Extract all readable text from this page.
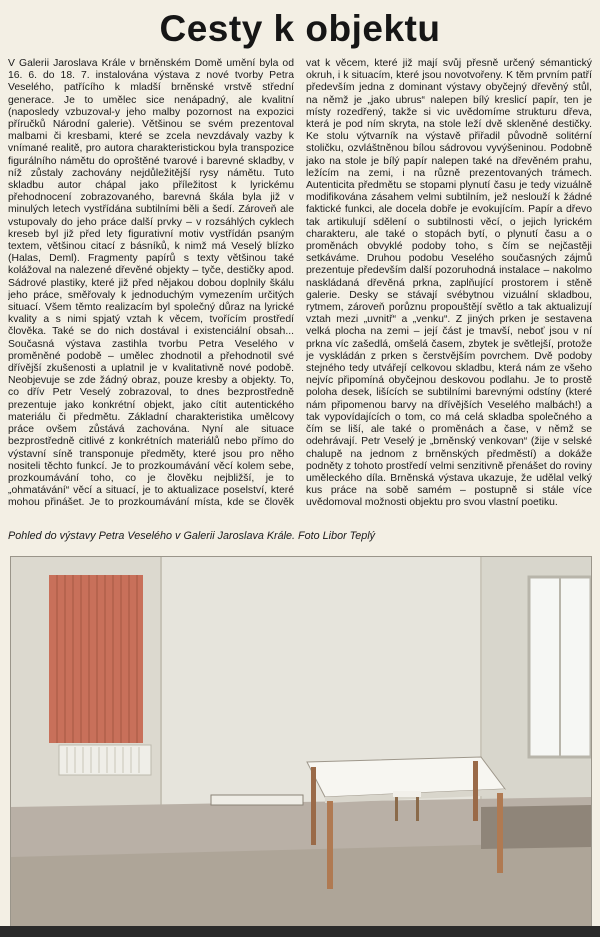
Cesty k objektu

V Galerii Jaroslava Krále v brněnském Domě umění byla od 16. 6. do 18. 7. instalována výstava z nové tvorby Petra Veselého, patřícího k mladší brněnské vrstvě střední generace. Je to umělec sice nenápadný, ale kvalitní (naposledy vzbuzoval-y jeho malby pozornost na expozici příručků Národní galerie). Většinou se svém prezentoval malbami či kresbami, které se zcela nevzdávaly vazby k vnímané realitě, pro autora charakteristickou byla transpozice figurálního námětu do oproštěné tvarové i barevné skladby, v níž zůstaly zachovány nejdůležitější rysy námětu. Tuto skladbu autor chápal jako příležitost k lyrickému přehodnocení zobrazovaného, barevná škála byla již v minulých letech vystřídána subtilními běli a šedí. Zároveň ale vstupovaly do jeho práce další prvky – v rozsáhlých cyklech kreseb byl již před lety figurativní motiv vystřídán psaným textem, většinou citací z básníků, k nimž má Veselý blízko (Halas, Deml). Fragmenty papírů s texty většinou také kolážoval na nalezené dřevěné objekty – tyče, destičky apod. Sádrové plastiky, které již před nějakou dobou doplnily škálu jeho práce, směřovaly k jednoduchým vymezením určitých situací. Všem těmto realizacím byl společný důraz na lyrické kvality a s nimi spjatý vztah k věcem, tvořícím prostředí člověka. Také se do nich dostával i existenciální obsah... Současná výstava zastihla tvorbu Petra Veselého v proměněné podobě – umělec zhodnotil a přehodnotil své dřívější zkušenosti a uplatnil je v kvalitativně nové podobě. Neobjevuje se zde žádný obraz, pouze kresby a objekty. To, co dřív Petr Veselý zobrazoval, to dnes bezprostředně prezentuje jako konkrétní objekt, jako cítit autentického materiálu či předmětu. Základní charakteristika umělcovy práce ovšem zůstává zachována. Nyní ale situace bezprostředně citlivé z konkrétních materiálů nebo přímo do výstavní síně transponuje předměty, které jsou pro něho nositeli těchto funkcí. Je to prozkoumávání věcí kolem sebe, prozkoumávání toho, co je člověku nejbližší, je to „ohmatávání“ věcí a situací, je to aktualizace poselství, které mohou přinášet. Je to prozkoumávání místa, kde se člověk

vat k věcem, které již mají svůj přesně určený sémantický okruh, i k situacím, které jsou novotvořeny. K těm prvním patří především jedna z dominant výstavy obyčejný dřevěný stůl, na němž je „jako ubrus“ nalepen bílý kreslicí papír, ten je místy rozedřený, takže si vic uvědomíme strukturu dřeva, která je pod ním skryta, na stole leží dvě skleněné destičky. Ke stolu výtvarník na výstavě přiřadil původně solitérní stoličku, ozvláštněnou bílou sádrovou vyvýšeninou. Podobně jako na stole je bílý papír nalepen také na dřevěném prahu, ležícím na zemi, i na různě prezentovaných trámech. Autenticita předmětu se stopami plynutí času je tedy vizuálně modifikována zásahem velmi subtilním, jež neslouží k žádné faktické funkci, ale docela dobře je evokujícím. Papír a dřevo tak artikulují sdělení o subtilnosti věcí, o jejich lyrickém charakteru, ale také o stopách bytí, o plynutí času a o proměnách obvyklé podoby toho, s čím se nejčastěji setkáváme. Druhou podobu Veselého současných zájmů prezentuje především další pozoruhodná instalace – nakolmo naskládaná dřevěná prkna, zaplňující prostorem i stěně galerie. Desky se stávají svébytnou vizuální skladbou, rytmem, zároveň porůznu propouštějí světlo a tak aktualizují vztah mezi „uvnitř“ a „venku“. Z jiných prken je sestavena velká plocha na zemi – její část je tmavší, neboť jsou v ní prkna víc zašedlá, omšelá časem, zbytek je světlejší, protože je vyskládán z prken s čerstvějším povrchem. Dvě podoby stejného tedy utvářejí celkovou skladbu, která nám ze všeho nejvíc připomíná obyčejnou deskovou podlahu. Je to prostě poloha desek, lišících se subtilními barevnými odstíny (které nám připomenou barvy na dřívějších Veselého malbách!) a tak vypovídajících o tom, co má celá skladba společného a čím se liší, ale také o proměnách a čase, v němž se odehrávají. Petr Veselý je „brněnský venkovan“ (žije v selské chalupě na jednom z brněnských předměstí) a dokáže podněty z tohoto prostředí velmi senzitivně přenášet do roviny uměleckého díla. Brněnská výstava ukazuje, že udělal velký kus práce na sobě samém – postupně si stále více uvědomoval možnosti objektu pro svou vlastní poetiku.

Pohled do výstavy Petra Veselého v Galerii Jaroslava Krále. Foto Libor Teplý
